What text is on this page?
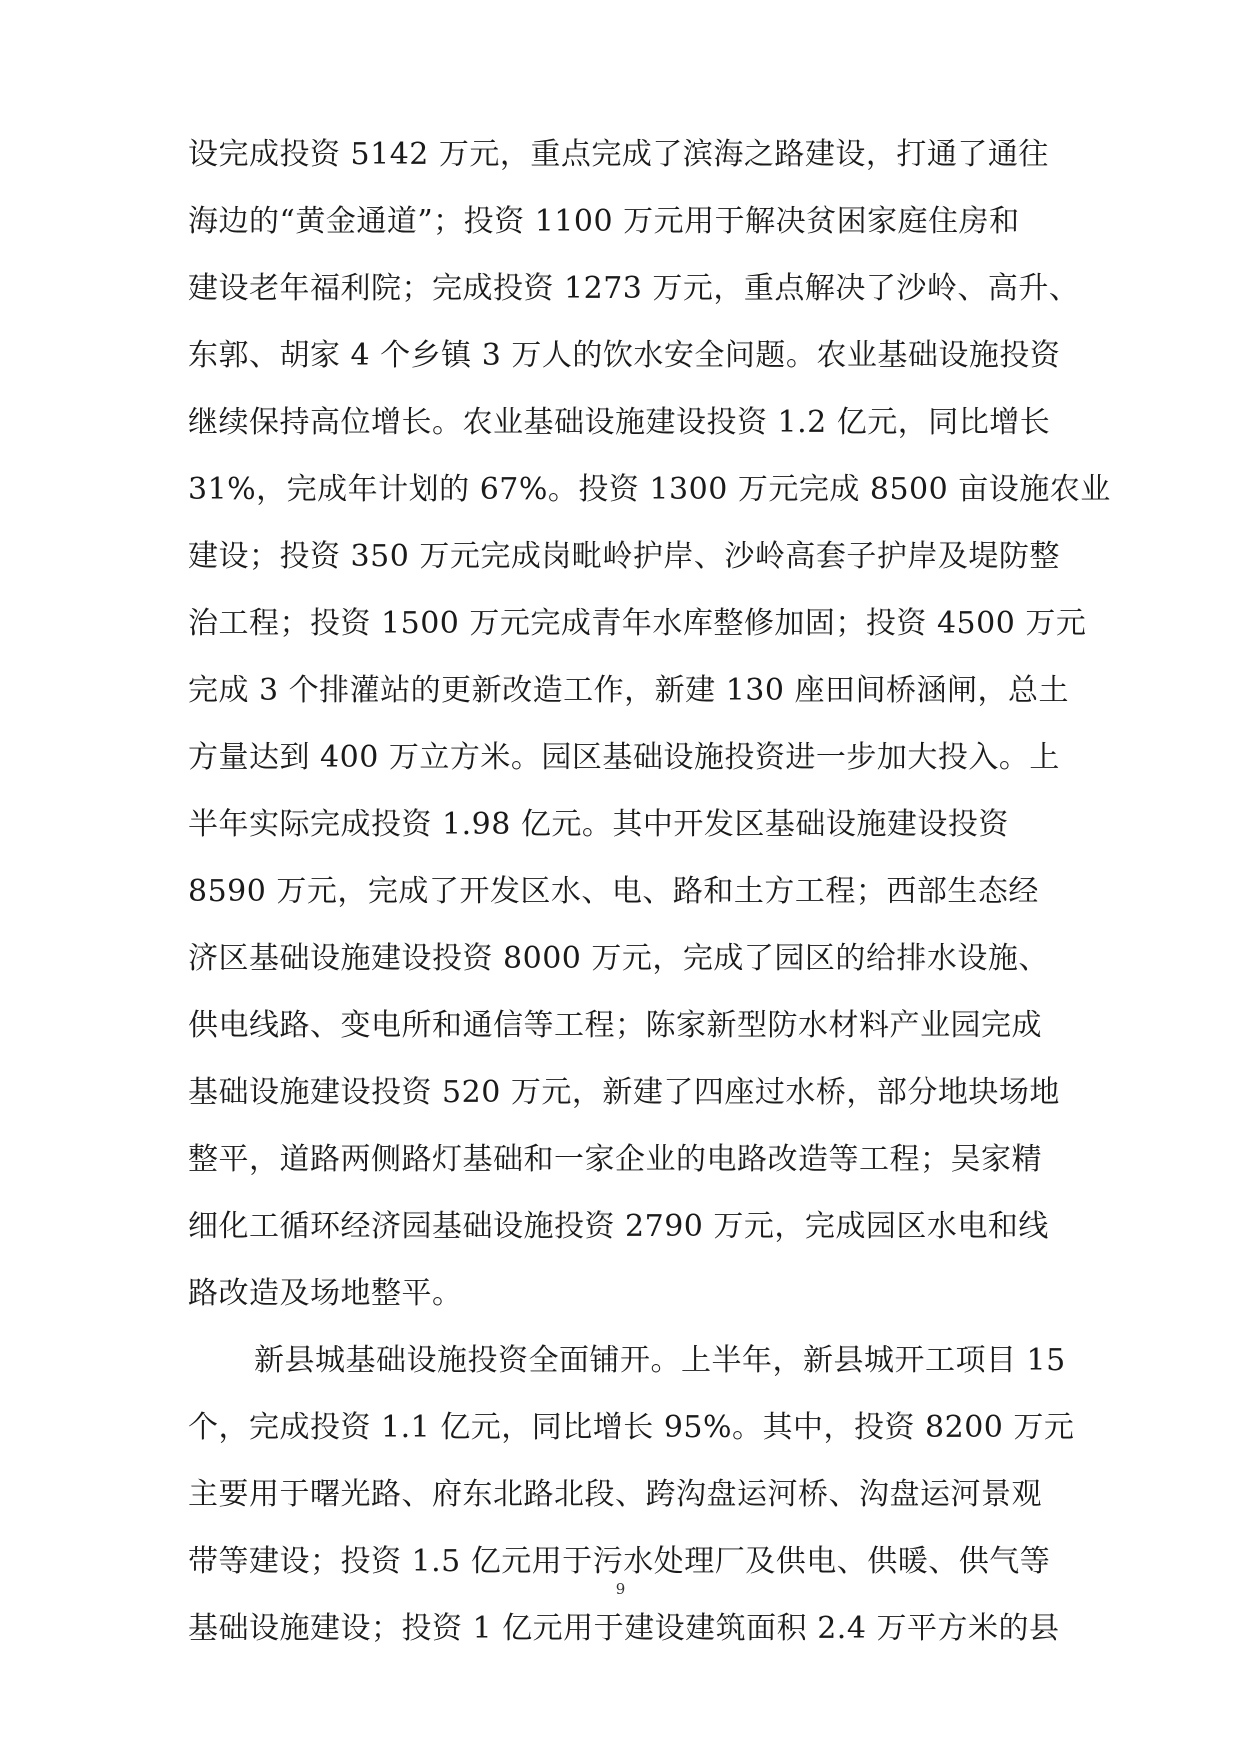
设完成投资 5142 万元，重点完成了滨海之路建设，打通了通往
海边的“黄金通道”；投资 1100 万元用于解决贫困家庭住房和
建设老年福利院；完成投资 1273 万元，重点解决了沙岭、高升、
东郭、胡家 4 个乡镇 3 万人的饮水安全问题。农业基础设施投资
继续保持高位增长。农业基础设施建设投资 1.2 亿元，同比增长
31%，完成年计划的 67%。投资 1300 万元完成 8500 亩设施农业
建设；投资 350 万元完成岗毗岭护岸、沙岭高套子护岸及堤防整
治工程；投资 1500 万元完成青年水库整修加固；投资 4500 万元
完成 3 个排灌站的更新改造工作，新建 130 座田间桥涵闸，总土
方量达到 400 万立方米。园区基础设施投资进一步加大投入。上
半年实际完成投资 1.98 亿元。其中开发区基础设施建设投资
8590 万元，完成了开发区水、电、路和土方工程；西部生态经
济区基础设施建设投资 8000 万元，完成了园区的给排水设施、
供电线路、变电所和通信等工程；陈家新型防水材料产业园完成
基础设施建设投资 520 万元，新建了四座过水桥，部分地块场地
整平，道路两侧路灯基础和一家企业的电路改造等工程；吴家精
细化工循环经济园基础设施投资 2790 万元，完成园区水电和线
路改造及场地整平。
新县城基础设施投资全面铺开。上半年，新县城开工项目 15
个，完成投资 1.1 亿元，同比增长 95%。其中，投资 8200 万元
主要用于曙光路、府东北路北段、跨沟盘运河桥、沟盘运河景观
带等建设；投资 1.5 亿元用于污水处理厂及供电、供暖、供气等
基础设施建设；投资 1 亿元用于建设建筑面积 2.4 万平方米的县
9
